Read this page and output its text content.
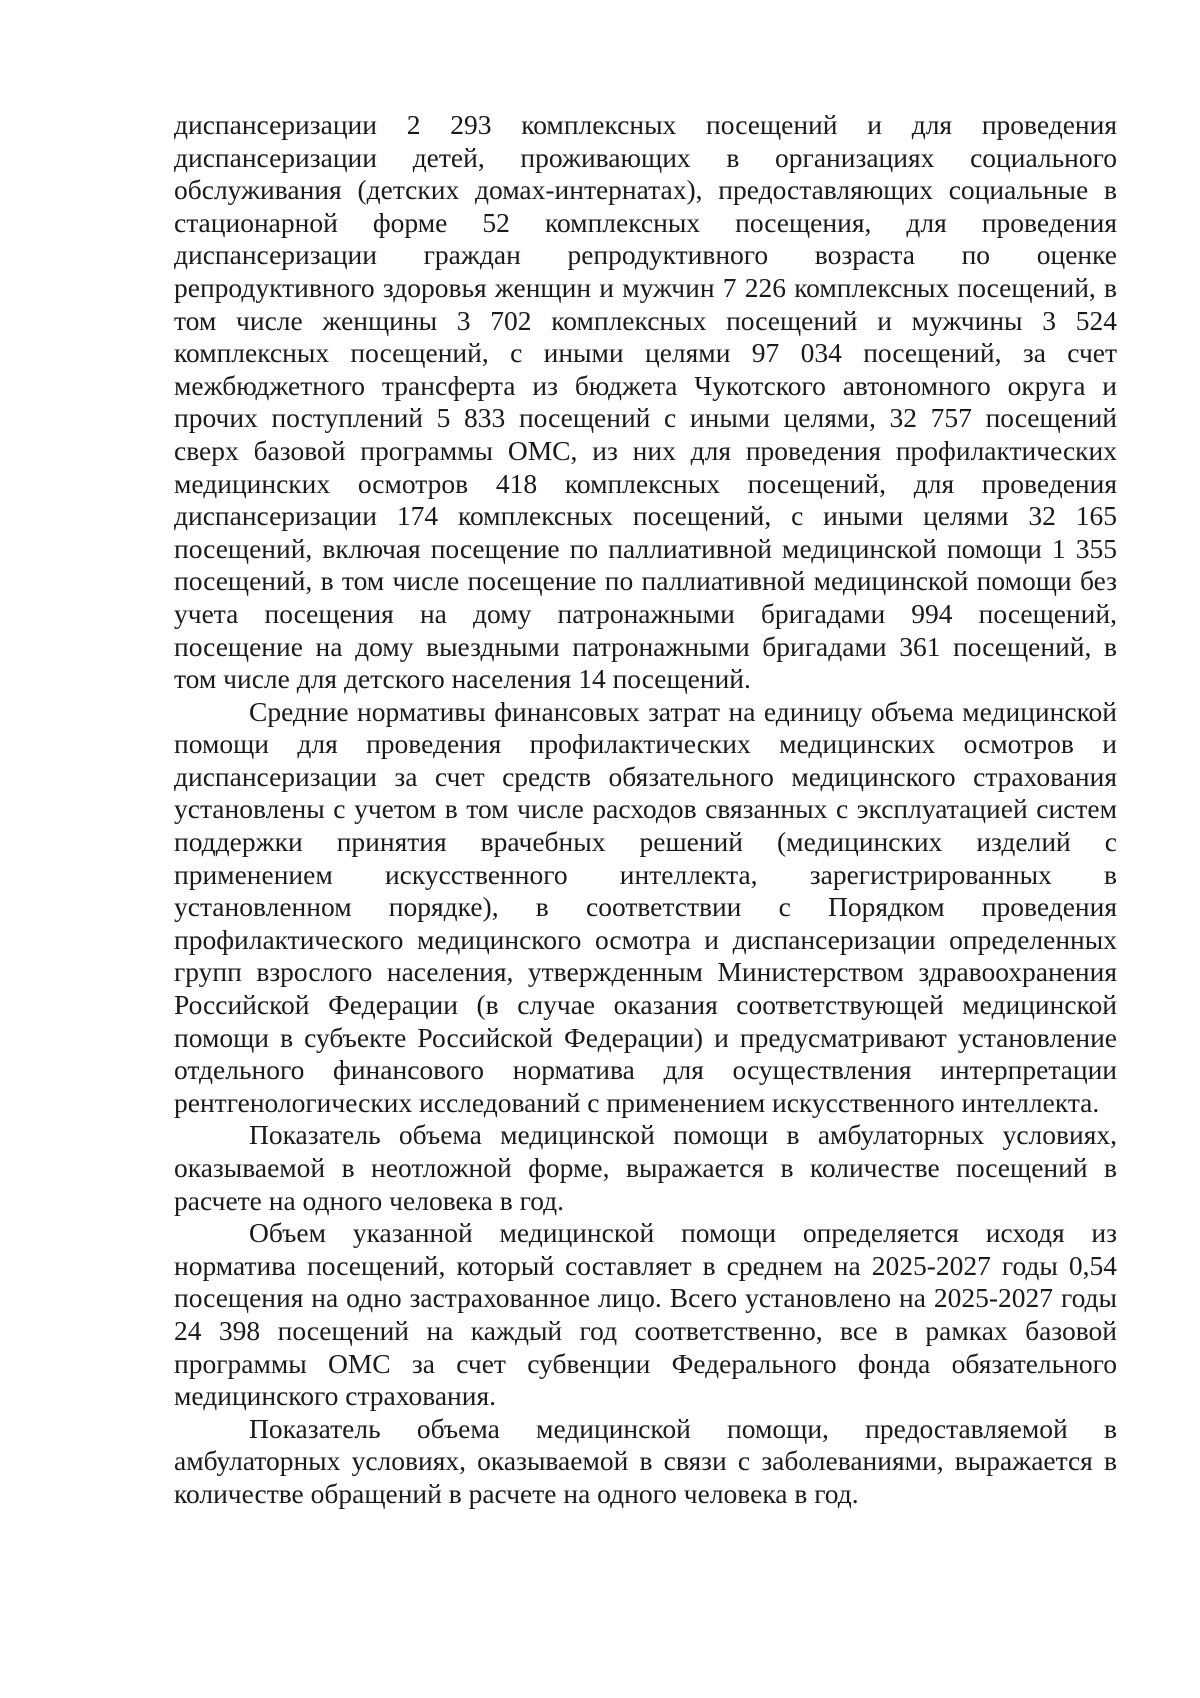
диспансеризации 2 293 комплексных посещений и для проведения диспансеризации детей, проживающих в организациях социального обслуживания (детских домах-интернатах), предоставляющих социальные в стационарной форме 52 комплексных посещения, для проведения диспансеризации граждан репродуктивного возраста по оценке репродуктивного здоровья женщин и мужчин 7 226 комплексных посещений, в том числе женщины 3 702 комплексных посещений и мужчины 3 524 комплексных посещений, с иными целями 97 034 посещений, за счет межбюджетного трансферта из бюджета Чукотского автономного округа и прочих поступлений 5 833 посещений с иными целями, 32 757 посещений сверх базовой программы ОМС, из них для проведения профилактических медицинских осмотров 418 комплексных посещений, для проведения диспансеризации 174 комплексных посещений, с иными целями 32 165 посещений, включая посещение по паллиативной медицинской помощи 1 355 посещений, в том числе посещение по паллиативной медицинской помощи без учета посещения на дому патронажными бригадами 994 посещений, посещение на дому выездными патронажными бригадами 361 посещений, в том числе для детского населения 14 посещений.

Средние нормативы финансовых затрат на единицу объема медицинской помощи для проведения профилактических медицинских осмотров и диспансеризации за счет средств обязательного медицинского страхования установлены с учетом в том числе расходов связанных с эксплуатацией систем поддержки принятия врачебных решений (медицинских изделий с применением искусственного интеллекта, зарегистрированных в установленном порядке), в соответствии с Порядком проведения профилактического медицинского осмотра и диспансеризации определенных групп взрослого населения, утвержденным Министерством здравоохранения Российской Федерации (в случае оказания соответствующей медицинской помощи в субъекте Российской Федерации) и предусматривают установление отдельного финансового норматива для осуществления интерпретации рентгенологических исследований с применением искусственного интеллекта.

Показатель объема медицинской помощи в амбулаторных условиях, оказываемой в неотложной форме, выражается в количестве посещений в расчете на одного человека в год.

Объем указанной медицинской помощи определяется исходя из норматива посещений, который составляет в среднем на 2025-2027 годы 0,54 посещения на одно застрахованное лицо. Всего установлено на 2025-2027 годы 24 398 посещений на каждый год соответственно, все в рамках базовой программы ОМС за счет субвенции Федерального фонда обязательного медицинского страхования.

Показатель объема медицинской помощи, предоставляемой в амбулаторных условиях, оказываемой в связи с заболеваниями, выражается в количестве обращений в расчете на одного человека в год.
